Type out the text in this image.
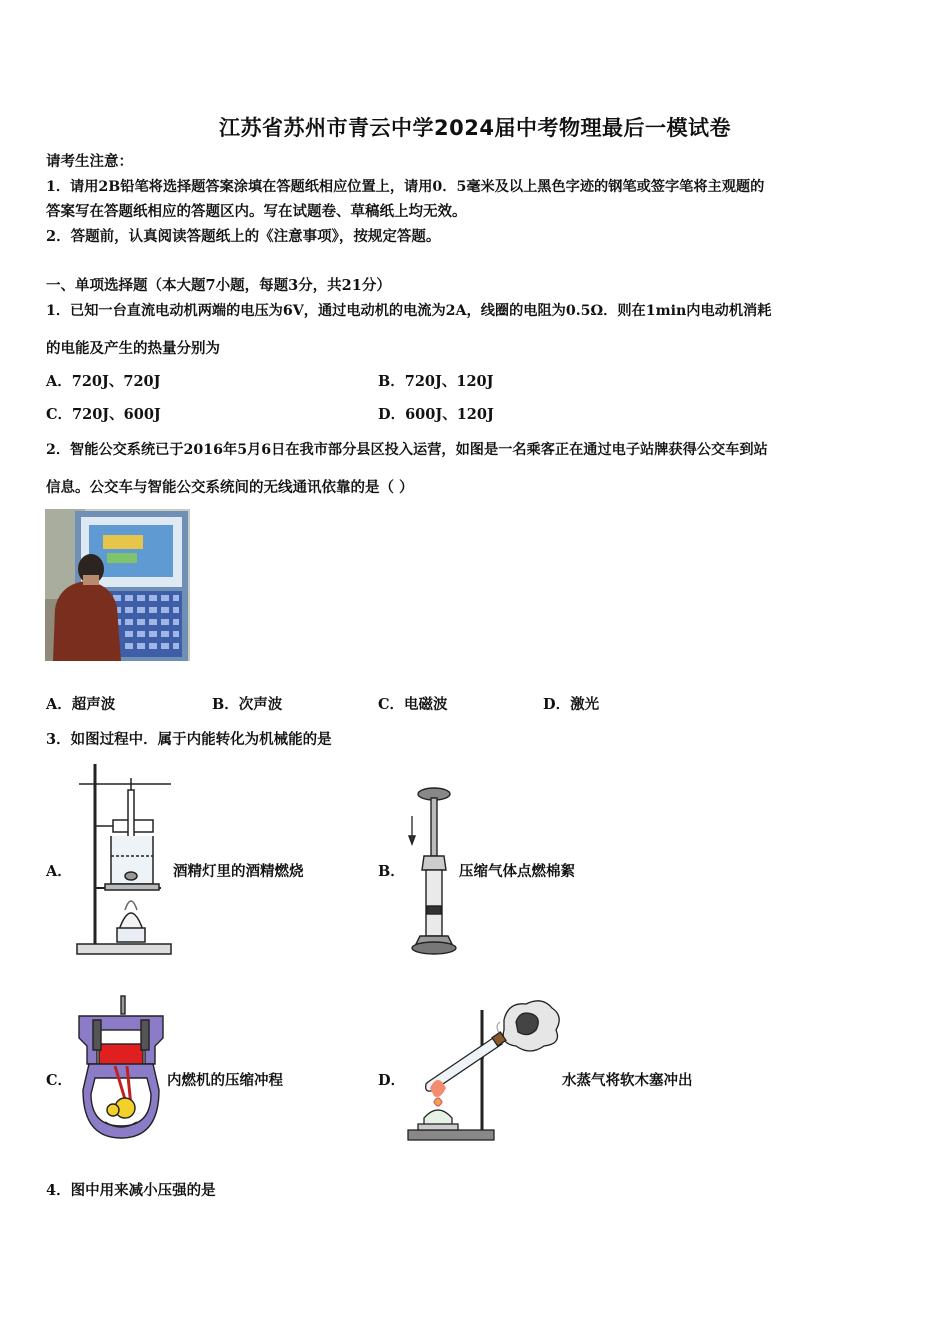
江苏省苏州市青云中学2024届中考物理最后一模试卷
请考生注意：
1．请用2B铅笔将选择题答案涂填在答题纸相应位置上，请用0．5毫米及以上黑色字迹的钢笔或签字笔将主观题的
答案写在答题纸相应的答题区内。写在试题卷、草稿纸上均无效。
2．答题前，认真阅读答题纸上的《注意事项》，按规定答题。
一、单项选择题（本大题7小题，每题3分，共21分）
1．已知一台直流电动机两端的电压为6V，通过电动机的电流为2A，线圈的电阻为0.5Ω．则在1min内电动机消耗
的电能及产生的热量分别为
A．720J、720J	B．720J、120J
C．720J、600J	D．600J、120J
2．智能公交系统已于2016年5月6日在我市部分县区投入运营，如图是一名乘客正在通过电子站牌获得公交车到站
信息。公交车与智能公交系统间的无线通讯依靠的是（ ）
A．超声波	B．次声波	C．电磁波	D．激光
3．如图过程中．属于内能转化为机械能的是
A．	酒精灯里的酒精燃烧	B．	压缩气体点燃棉絮
C．	内燃机的压缩冲程	D．	水蒸气将软木塞冲出
4．图中用来减小压强的是
